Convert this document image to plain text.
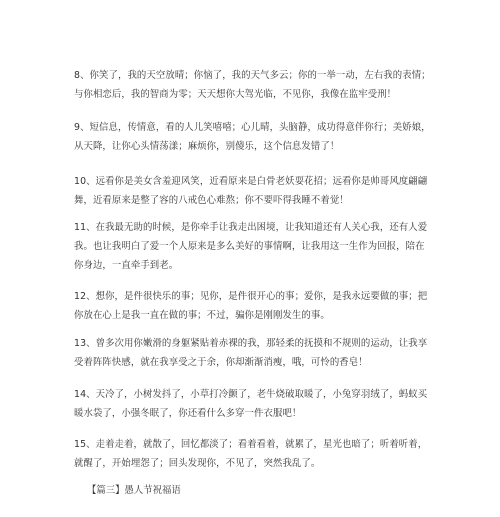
8、你笑了，我的天空放晴；你恼了，我的天气多云；你的一举一动，左右我的表情；与你相恋后，我的智商为零；天天想你大驾光临，不见你，我像在监牢受刑！

9、短信息，传情意，看的人儿笑嘻嘻；心儿晴，头脑静，成功得意伴你行；美娇娘，从天降，让你心头情荡漾；麻烦你，别傻乐，这个信息发错了！

10、远看你是美女含羞迎风笑，近看原来是白骨老妖耍花招；远看你是帅哥风度翩翩舞，近看原来是整了容的八戒色心难熬；你不要吓得我睡不着觉！

11、在我最无助的时候，是你牵手让我走出困境，让我知道还有人关心我，还有人爱我。也让我明白了爱一个人原来是多么美好的事情啊，让我用这一生作为回报，陪在你身边，一直牵手到老。

12、想你，是件很快乐的事；见你，是件很开心的事；爱你，是我永远要做的事；把你放在心上是我一直在做的事；不过，骗你是刚刚发生的事。

13、曾多次用你嫩滑的身躯紧贴着赤裸的我，那轻柔的抚摸和不规则的运动，让我享受着阵阵快感，就在我享受之于余，你却渐渐消瘦，哦，可怜的香皂！

14、天冷了，小树发抖了，小草打冷颤了，老牛烧破取暖了，小兔穿羽绒了，蚂蚁买暖水袋了，小强冬眠了，你还看什么多穿一件衣服吧！

15、走着走着，就散了，回忆都淡了；看着看着，就累了，星光也暗了；听着听着，就醒了，开始埋怨了；回头发现你，不见了，突然我乱了。

【篇三】愚人节祝福语
